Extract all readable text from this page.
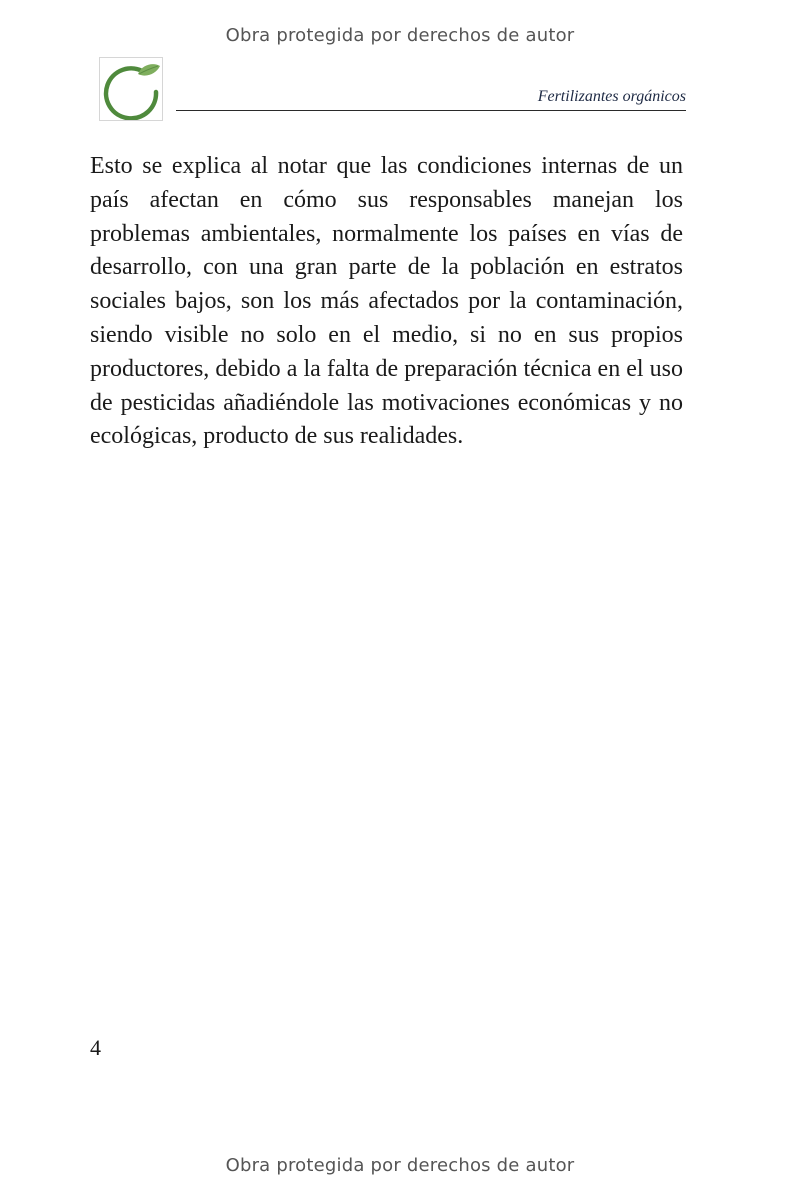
Obra protegida por derechos de autor
Fertilizantes orgánicos

Esto se explica al notar que las condiciones internas de un país afectan en cómo sus responsables manejan los problemas ambientales, normalmente los países en vías de desarrollo, con una gran parte de la población en estratos sociales bajos, son los más afectados por la contaminación, siendo visible no solo en el medio, si no en sus propios productores, debido a la falta de preparación técnica en el uso de pesticidas añadiéndole las motivaciones económicas y no ecológicas, producto de sus realidades.

4
Obra protegida por derechos de autor
